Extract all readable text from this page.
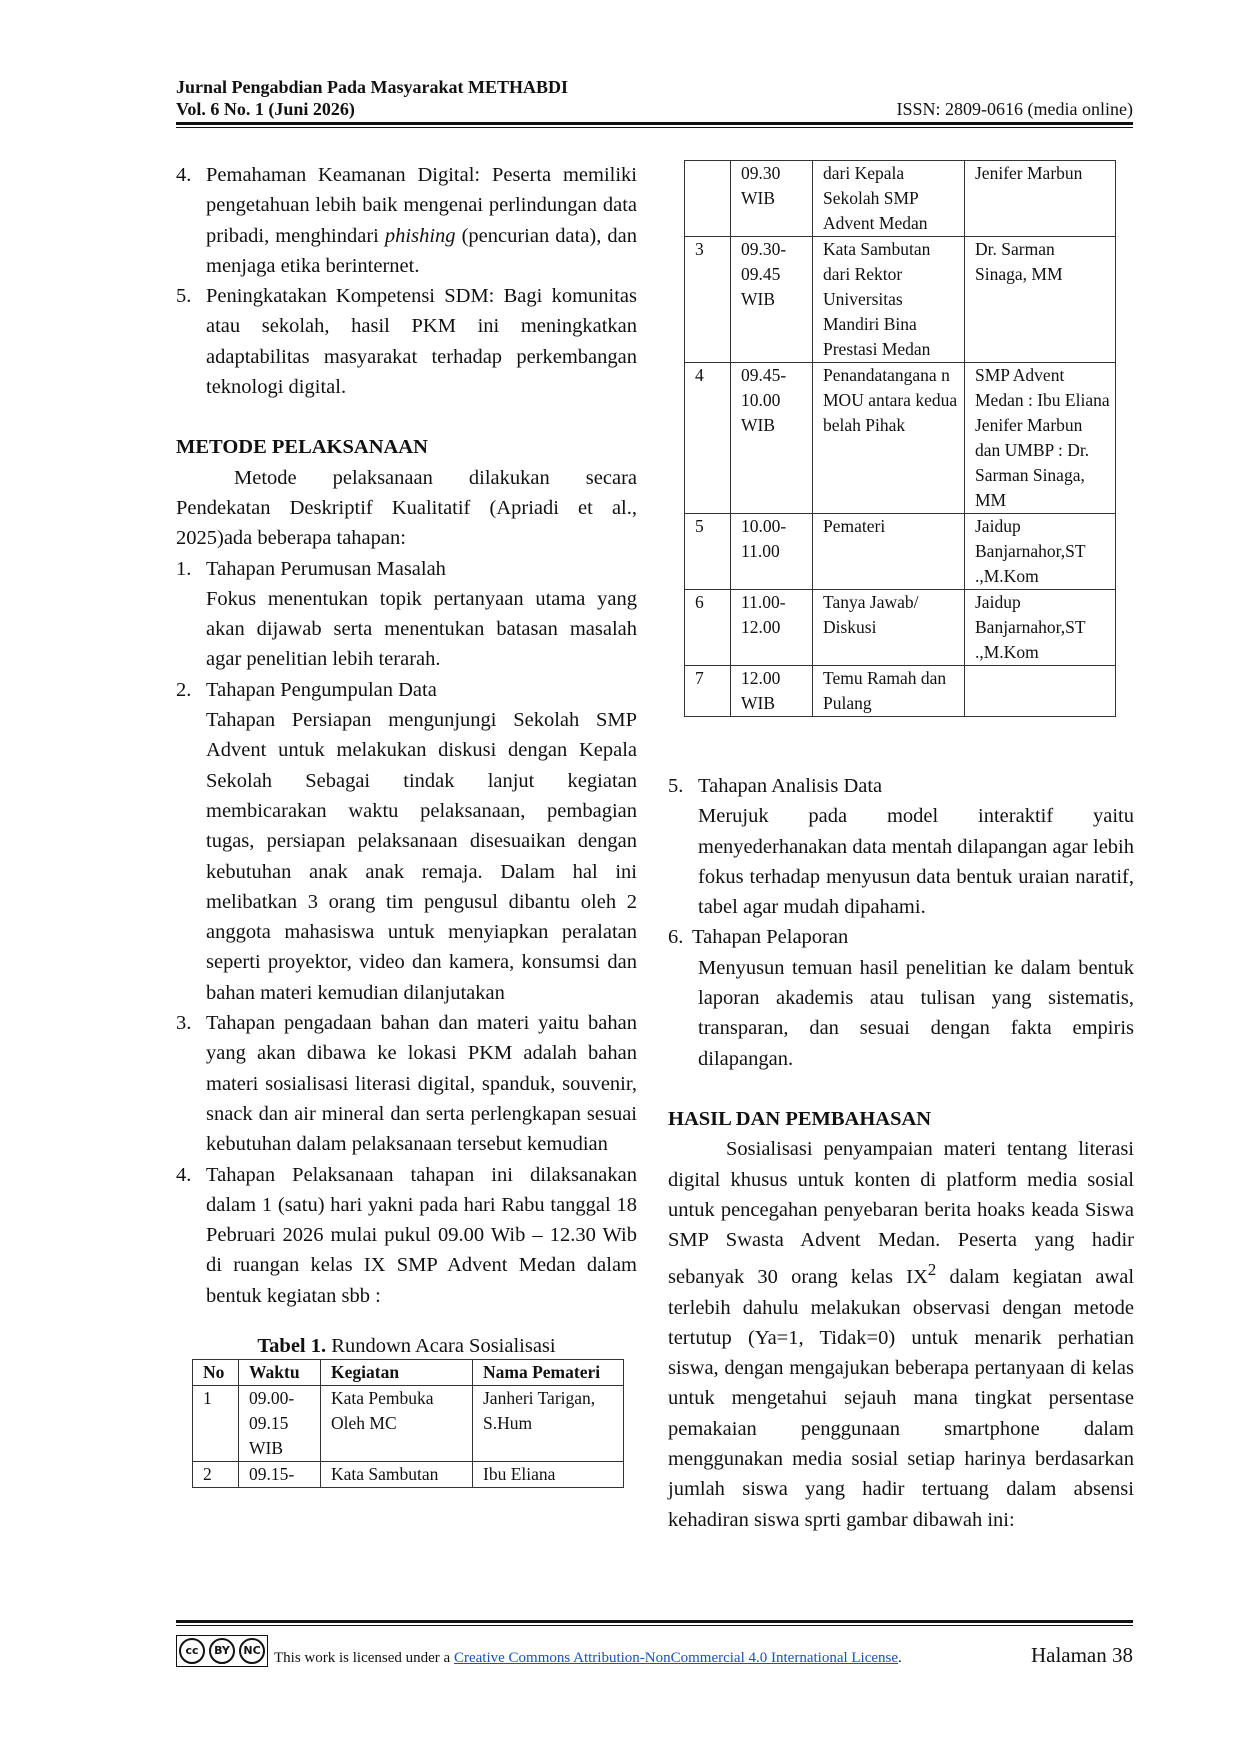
Jurnal Pengabdian Pada Masyarakat METHABDI
Vol. 6 No. 1 (Juni 2026)	ISSN: 2809-0616 (media online)
4. Pemahaman Keamanan Digital: Peserta memiliki pengetahuan lebih baik mengenai perlindungan data pribadi, menghindari phishing (pencurian data), dan menjaga etika berinternet.
5. Peningkatakan Kompetensi SDM: Bagi komunitas atau sekolah, hasil PKM ini meningkatkan adaptabilitas masyarakat terhadap perkembangan teknologi digital.
METODE PELAKSANAAN
Metode pelaksanaan dilakukan secara Pendekatan Deskriptif Kualitatif (Apriadi et al., 2025)ada beberapa tahapan:
1. Tahapan Perumusan Masalah
Fokus menentukan topik pertanyaan utama yang akan dijawab serta menentukan batasan masalah agar penelitian lebih terarah.
2. Tahapan Pengumpulan Data
Tahapan Persiapan mengunjungi Sekolah SMP Advent untuk melakukan diskusi dengan Kepala Sekolah Sebagai tindak lanjut kegiatan membicarakan waktu pelaksanaan, pembagian tugas, persiapan pelaksanaan disesuaikan dengan kebutuhan anak anak remaja. Dalam hal ini melibatkan 3 orang tim pengusul dibantu oleh 2 anggota mahasiswa untuk menyiapkan peralatan seperti proyektor, video dan kamera, konsumsi dan bahan materi kemudian dilanjutakan
3. Tahapan pengadaan bahan dan materi yaitu bahan yang akan dibawa ke lokasi PKM adalah bahan materi sosialisasi literasi digital, spanduk, souvenir, snack dan air mineral dan serta perlengkapan sesuai kebutuhan dalam pelaksanaan tersebut kemudian
4. Tahapan Pelaksanaan tahapan ini dilaksanakan dalam 1 (satu) hari yakni pada hari Rabu tanggal 18 Pebruari 2026 mulai pukul 09.00 Wib – 12.30 Wib di ruangan kelas IX SMP Advent Medan dalam bentuk kegiatan sbb :
Tabel 1. Rundown Acara Sosialisasi
No	Waktu	Kegiatan	Nama Pemateri
1	09.00-09.15 WIB	Kata Pembuka Oleh MC	Janheri Tarigan, S.Hum
2	09.15-	Kata Sambutan	Ibu Eliana
	09.30 WIB	dari Kepala Sekolah SMP Advent Medan	Jenifer Marbun
3	09.30-09.45 WIB	Kata Sambutan dari Rektor Universitas Mandiri Bina Prestasi Medan	Dr. Sarman Sinaga, MM
4	09.45-10.00 WIB	Penandatangana n MOU antara kedua belah Pihak	SMP Advent Medan : Ibu Eliana Jenifer Marbun dan UMBP : Dr. Sarman Sinaga, MM
5	10.00-11.00	Pemateri	Jaidup Banjarnahor,ST .,M.Kom
6	11.00-12.00	Tanya Jawab/ Diskusi	Jaidup Banjarnahor,ST .,M.Kom
7	12.00 WIB	Temu Ramah dan Pulang	
5. Tahapan Analisis Data
Merujuk pada model interaktif yaitu menyederhanakan data mentah dilapangan agar lebih fokus terhadap menyusun data bentuk uraian naratif, tabel agar mudah dipahami.
6. Tahapan Pelaporan
Menyusun temuan hasil penelitian ke dalam bentuk laporan akademis atau tulisan yang sistematis, transparan, dan sesuai dengan fakta empiris dilapangan.
HASIL DAN PEMBAHASAN
Sosialisasi penyampaian materi tentang literasi digital khusus untuk konten di platform media sosial untuk pencegahan penyebaran berita hoaks keada Siswa SMP Swasta Advent Medan. Peserta yang hadir sebanyak 30 orang kelas $IX^2$ dalam kegiatan awal terlebih dahulu melakukan observasi dengan metode tertutup (Ya=1, Tidak=0) untuk menarik perhatian siswa, dengan mengajukan beberapa pertanyaan di kelas untuk mengetahui sejauh mana tingkat persentase pemakaian penggunaan smartphone dalam menggunakan media sosial setiap harinya berdasarkan jumlah siswa yang hadir tertuang dalam absensi kehadiran siswa sprti gambar dibawah ini:
cc	BY	NC This work is licensed under a Creative Commons Attribution-NonCommercial 4.0 International License.	Halaman 38
